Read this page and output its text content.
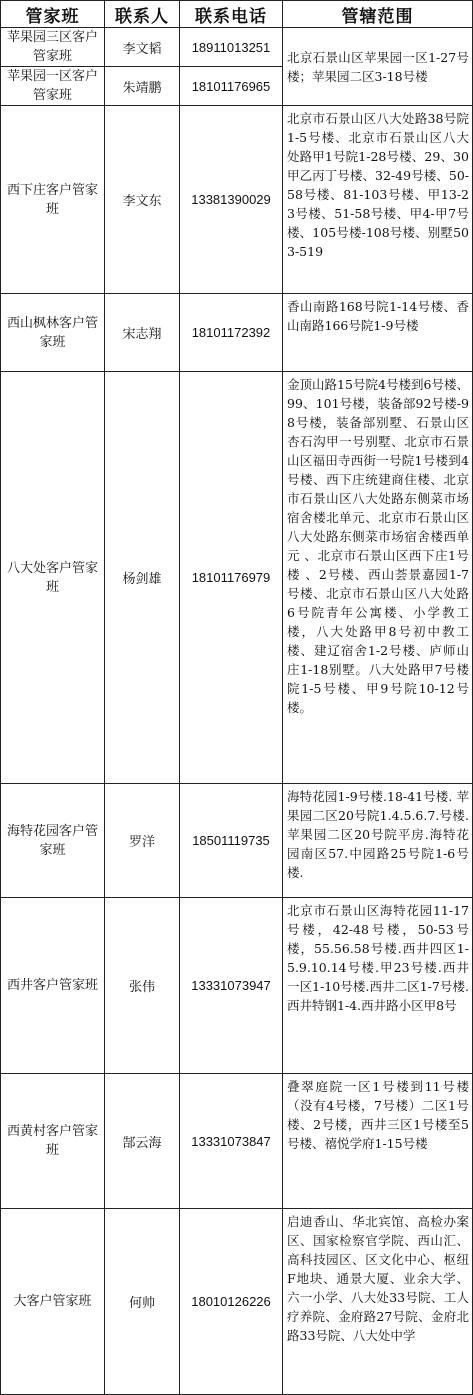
管家班	联系人	联系电话	管辖范围
苹果园三区客户管家班	李文韬	18911013251	北京石景山区苹果园一区1-27号楼；苹果园二区3-18号楼
苹果园一区客户管家班	朱靖鹏	18101176965	
西下庄客户管家班	李文东	13381390029	北京市石景山区八大处路38号院1-5号楼、北京市石景山区八大处路甲1号院1-28号楼、29、30甲乙丙丁号楼、32-49号楼、50-58号楼、81-103号楼、甲13-23号楼、51-58号楼、甲4-甲7号楼、105号楼-108号楼、别墅503-519
西山枫林客户管家班	宋志翔	18101172392	香山南路168号院1-14号楼、香山南路166号院1-9号楼
八大处客户管家班	杨剑雄	18101176979	金顶山路15号院4号楼到6号楼、99、101号楼，装备部92号楼-98号楼，装备部别墅、石景山区杏石沟甲一号别墅、北京市石景山区福田寺西街一号院1号楼到4号楼、西下庄统建商住楼、北京市石景山区八大处路东侧菜市场宿舍楼北单元、北京市石景山区八大处路东侧菜市场宿舍楼西单元 、北京市石景山区西下庄1号楼 、2号楼、西山荟景嘉园1-7号楼、北京市石景山区八大处路6号院青年公寓楼、小学教工楼，八大处路甲8号初中教工楼、建辽宿舍1-2号楼、庐师山庄1-18别墅。八大处路甲7号楼院1-5号楼、甲9号院10-12号楼。
海特花园客户管家班	罗洋	18501119735	海特花园1-9号楼.18-41号楼. 苹果园二区20号院1.4.5.6.7.号楼.苹果园二区20号院平房.海特花园南区57.中园路25号院1-6号楼.
西井客户管家班	张伟	13331073947	北京市石景山区海特花园11-17号楼，42-48号楼，50-53号楼，55.56.58号楼.西井四区1-5.9.10.14号楼.甲23号楼.西井一区1-10号楼.西井二区1-7号楼.西井特钢1-4.西井路小区甲8号
西黄村客户管家班	郜云海	13331073847	叠翠庭院一区1号楼到11号楼（没有4号楼，7号楼）二区1号楼、2号楼，西井三区1号楼至5号楼、禧悦学府1-15号楼
大客户管家班	何帅	18010126226	启迪香山、华北宾馆、高检办案区、国家检察官学院、西山汇、高科技园区、区文化中心、枢纽F地块、通景大厦、业余大学、六一小学、八大处33号院、工人疗养院、金府路27号院、金府北路33号院、八大处中学
